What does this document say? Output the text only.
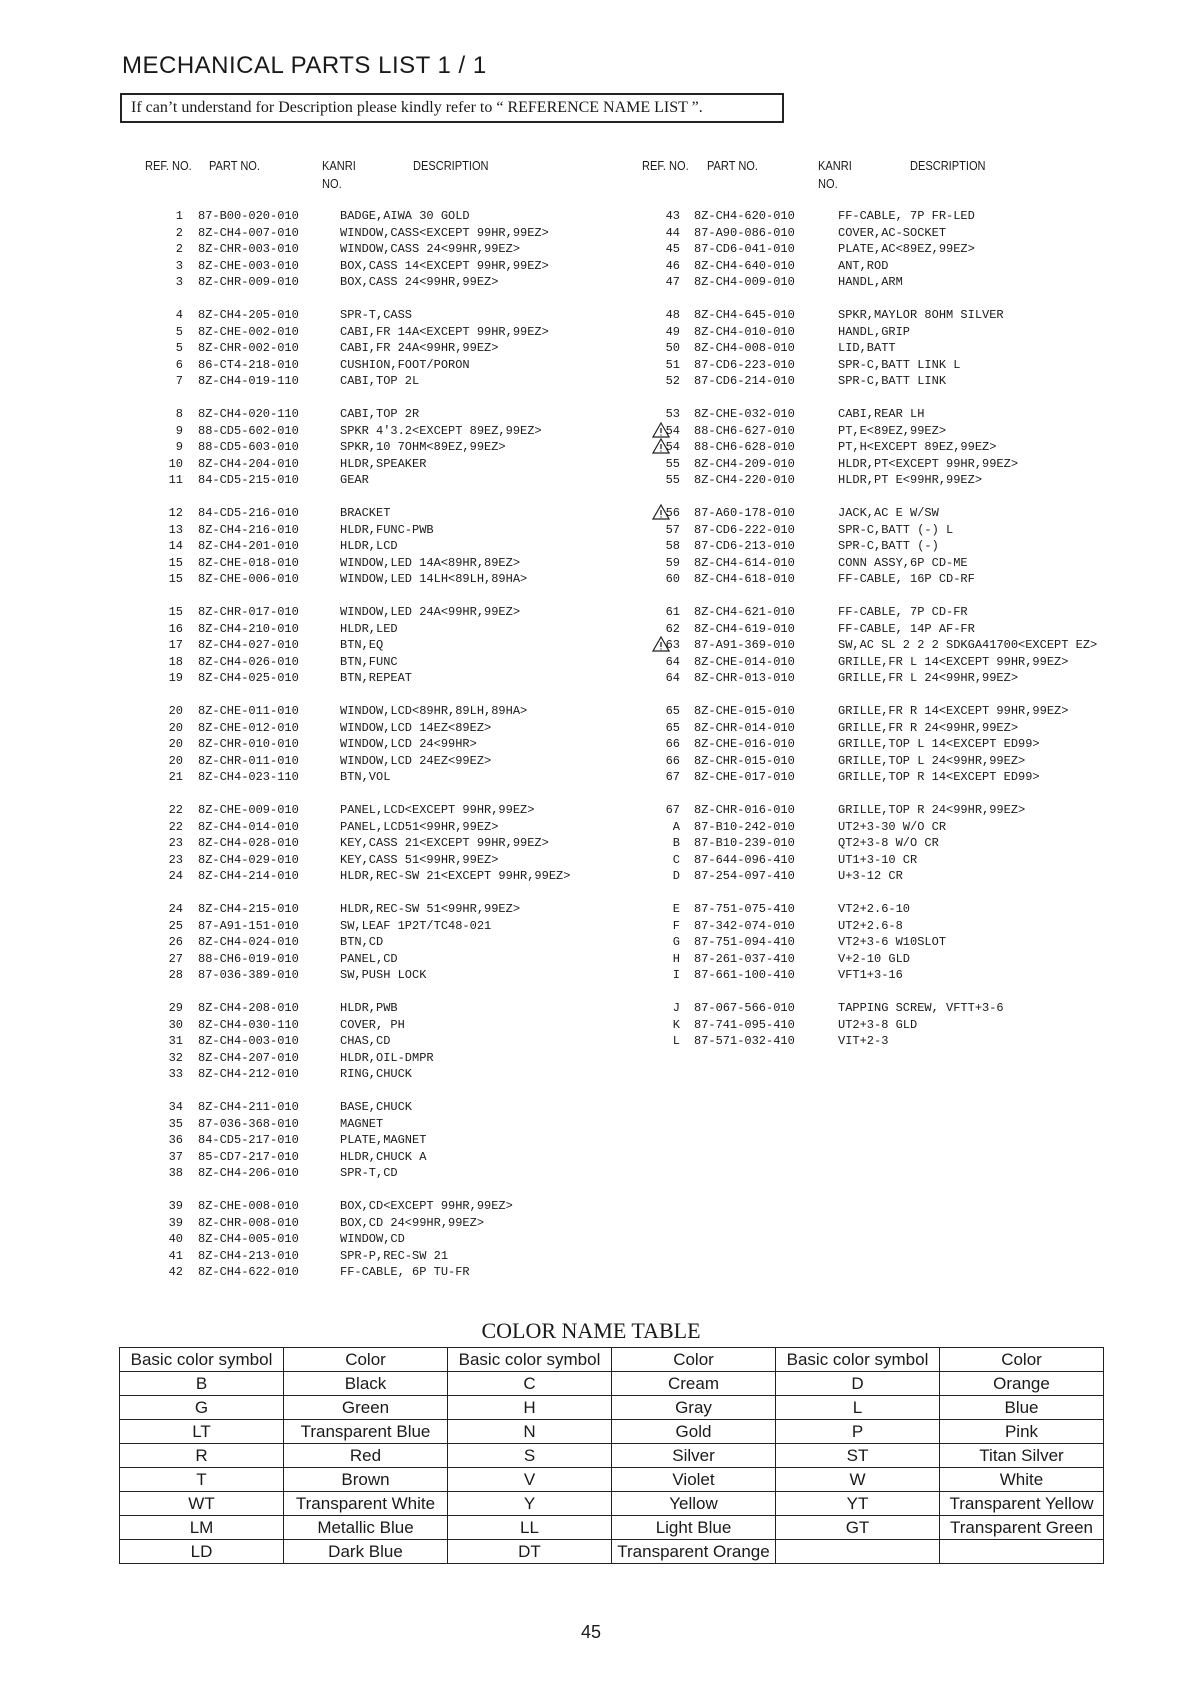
MECHANICAL PARTS LIST 1 / 1
If can’t understand for Description please kindly refer to “ REFERENCE NAME LIST ”.
REF. NO. PART NO.	KANRI
NO.
DESCRIPTION	REF. NO. PART NO.	KANRI
NO.
DESCRIPTION
1 87-B00-020-010	BADGE,AIWA 30 GOLD
2 8Z-CH4-007-010	WINDOW,CASS<EXCEPT 99HR,99EZ>
2 8Z-CHR-003-010	WINDOW,CASS 24<99HR,99EZ>
3 8Z-CHE-003-010	BOX,CASS 14<EXCEPT 99HR,99EZ>
3 8Z-CHR-009-010	BOX,CASS 24<99HR,99EZ>
4 8Z-CH4-205-010	SPR-T,CASS
5 8Z-CHE-002-010	CABI,FR 14A<EXCEPT 99HR,99EZ>
5 8Z-CHR-002-010	CABI,FR 24A<99HR,99EZ>
6 86-CT4-218-010	CUSHION,FOOT/PORON
7 8Z-CH4-019-110	CABI,TOP 2L
8 8Z-CH4-020-110	CABI,TOP 2R
9 88-CD5-602-010	SPKR 4'3.2<EXCEPT 89EZ,99EZ>
9 88-CD5-603-010	SPKR,10 7OHM<89EZ,99EZ>
10 8Z-CH4-204-010	HLDR,SPEAKER
11 84-CD5-215-010	GEAR
12 84-CD5-216-010	BRACKET
13 8Z-CH4-216-010	HLDR,FUNC-PWB
14 8Z-CH4-201-010	HLDR,LCD
15 8Z-CHE-018-010	WINDOW,LED 14A<89HR,89EZ>
15 8Z-CHE-006-010	WINDOW,LED 14LH<89LH,89HA>
15 8Z-CHR-017-010	WINDOW,LED 24A<99HR,99EZ>
16 8Z-CH4-210-010	HLDR,LED
17 8Z-CH4-027-010	BTN,EQ
18 8Z-CH4-026-010	BTN,FUNC
19 8Z-CH4-025-010	BTN,REPEAT
20 8Z-CHE-011-010	WINDOW,LCD<89HR,89LH,89HA>
20 8Z-CHE-012-010	WINDOW,LCD 14EZ<89EZ>
20 8Z-CHR-010-010	WINDOW,LCD 24<99HR>
20 8Z-CHR-011-010	WINDOW,LCD 24EZ<99EZ>
21 8Z-CH4-023-110	BTN,VOL
22 8Z-CHE-009-010	PANEL,LCD<EXCEPT 99HR,99EZ>
22 8Z-CH4-014-010	PANEL,LCD51<99HR,99EZ>
23 8Z-CH4-028-010	KEY,CASS 21<EXCEPT 99HR,99EZ>
23 8Z-CH4-029-010	KEY,CASS 51<99HR,99EZ>
24 8Z-CH4-214-010	HLDR,REC-SW 21<EXCEPT 99HR,99EZ>
24 8Z-CH4-215-010	HLDR,REC-SW 51<99HR,99EZ>
25 87-A91-151-010	SW,LEAF 1P2T/TC48-021
26 8Z-CH4-024-010	BTN,CD
27 88-CH6-019-010	PANEL,CD
28 87-036-389-010	SW,PUSH LOCK
29 8Z-CH4-208-010	HLDR,PWB
30 8Z-CH4-030-110	COVER, PH
31 8Z-CH4-003-010	CHAS,CD
32 8Z-CH4-207-010	HLDR,OIL-DMPR
33 8Z-CH4-212-010	RING,CHUCK
34 8Z-CH4-211-010	BASE,CHUCK
35 87-036-368-010	MAGNET
36 84-CD5-217-010	PLATE,MAGNET
37 85-CD7-217-010	HLDR,CHUCK A
38 8Z-CH4-206-010	SPR-T,CD
39 8Z-CHE-008-010	BOX,CD<EXCEPT 99HR,99EZ>
39 8Z-CHR-008-010	BOX,CD 24<99HR,99EZ>
40 8Z-CH4-005-010	WINDOW,CD
41 8Z-CH4-213-010	SPR-P,REC-SW 21
42 8Z-CH4-622-010	FF-CABLE, 6P TU-FR
43 8Z-CH4-620-010	FF-CABLE, 7P FR-LED
44 87-A90-086-010	COVER,AC-SOCKET
45 87-CD6-041-010	PLATE,AC<89EZ,99EZ>
46 8Z-CH4-640-010	ANT,ROD
47 8Z-CH4-009-010	HANDL,ARM
48 8Z-CH4-645-010	SPKR,MAYLOR 8OHM SILVER
49 8Z-CH4-010-010	HANDL,GRIP
50 8Z-CH4-008-010	LID,BATT
51 87-CD6-223-010	SPR-C,BATT LINK L
52 87-CD6-214-010	SPR-C,BATT LINK
53 8Z-CHE-032-010	CABI,REAR LH
54 88-CH6-627-010	PT,E<89EZ,99EZ>
54 88-CH6-628-010	PT,H<EXCEPT 89EZ,99EZ>
55 8Z-CH4-209-010	HLDR,PT<EXCEPT 99HR,99EZ>
55 8Z-CH4-220-010	HLDR,PT E<99HR,99EZ>
56 87-A60-178-010	JACK,AC E W/SW
57 87-CD6-222-010	SPR-C,BATT (-) L
58 87-CD6-213-010	SPR-C,BATT (-)
59 8Z-CH4-614-010	CONN ASSY,6P CD-ME
60 8Z-CH4-618-010	FF-CABLE, 16P CD-RF
61 8Z-CH4-621-010	FF-CABLE, 7P CD-FR
62 8Z-CH4-619-010	FF-CABLE, 14P AF-FR
63 87-A91-369-010	SW,AC SL 2 2 2 SDKGA41700<EXCEPT EZ>
64 8Z-CHE-014-010	GRILLE,FR L 14<EXCEPT 99HR,99EZ>
64 8Z-CHR-013-010	GRILLE,FR L 24<99HR,99EZ>
65 8Z-CHE-015-010	GRILLE,FR R 14<EXCEPT 99HR,99EZ>
65 8Z-CHR-014-010	GRILLE,FR R 24<99HR,99EZ>
66 8Z-CHE-016-010	GRILLE,TOP L 14<EXCEPT ED99>
66 8Z-CHR-015-010	GRILLE,TOP L 24<99HR,99EZ>
67 8Z-CHE-017-010	GRILLE,TOP R 14<EXCEPT ED99>
67 8Z-CHR-016-010	GRILLE,TOP R 24<99HR,99EZ>
A 87-B10-242-010	UT2+3-30 W/O CR
B 87-B10-239-010	QT2+3-8 W/O CR
C 87-644-096-410	UT1+3-10 CR
D 87-254-097-410	U+3-12 CR
E 87-751-075-410	VT2+2.6-10
F 87-342-074-010	UT2+2.6-8
G 87-751-094-410	VT2+3-6 W10SLOT
H 87-261-037-410	V+2-10 GLD
I 87-661-100-410	VFT1+3-16
J 87-067-566-010	TAPPING SCREW, VFTT+3-6
K 87-741-095-410	UT2+3-8 GLD
L 87-571-032-410	VIT+2-3
COLOR NAME TABLE
Basic color symbol	Color	Basic color symbol	Color	Basic color symbol	Color
B	Black	C	Cream	D	Orange
G	Green	H	Gray	L	Blue
LT	Transparent Blue	N	Gold	P	Pink
R	Red	S	Silver	ST	Titan Silver
T	Brown	V	Violet	W	White
WT	Transparent White	Y	Yellow	YT	Transparent Yellow
LM	Metallic Blue	LL	Light Blue	GT	Transparent Green
LD	Dark Blue	DT	Transparent Orange		
45
